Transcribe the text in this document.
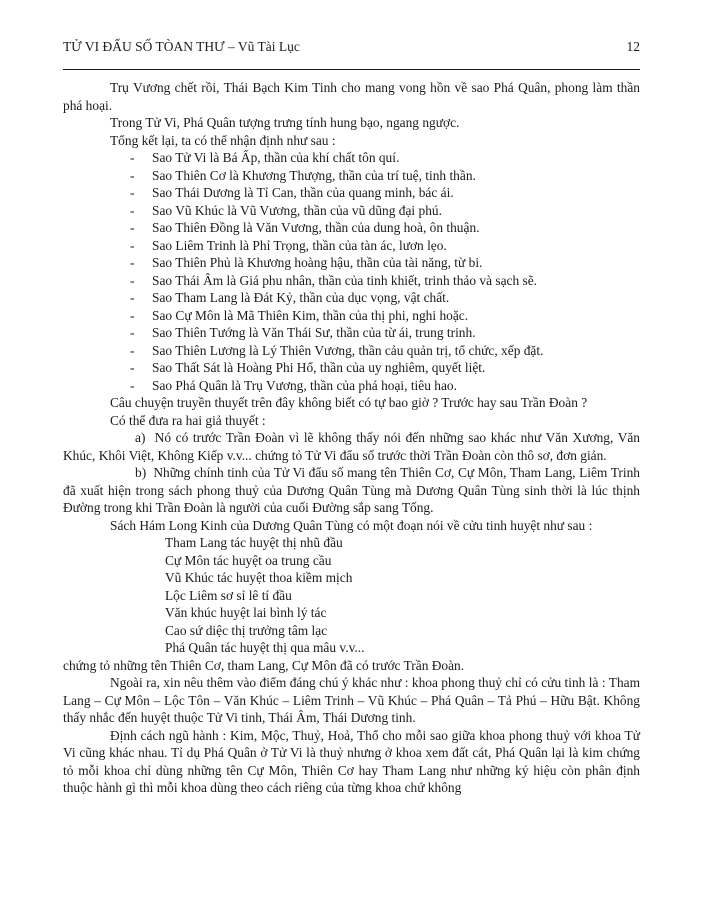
TỬ VI ĐẨU SỐ TÒAN THƯ – Vũ Tài Lục	12

Trụ Vương chết rồi, Thái Bạch Kim Tinh cho mang vong hồn về sao Phá Quân, phong làm thần phá hoại.

Trong Tử Vi, Phá Quân tượng trưng tính hung bạo, ngang ngược.

Tổng kết lại, ta có thể nhận định như sau :

- Sao Tử Vi là Bá Ấp, thần của khí chất tôn quí.
- Sao Thiên Cơ là Khương Thượng, thần của trí tuệ, tinh thần.
- Sao Thái Dương là Tỉ Can, thần của quang minh, bác ái.
- Sao Vũ Khúc là Vũ Vương, thần của vũ dũng đại phú.
- Sao Thiên Đồng là Văn Vương, thần của dung hoà, ôn thuận.
- Sao Liêm Trinh là Phỉ Trọng, thần của tàn ác, lươn lẹo.
- Sao Thiên Phủ là Khương hoàng hậu, thần của tài năng, từ bi.
- Sao Thái Âm là Giá phu nhân, thần của tinh khiết, trinh thảo và sạch sẽ.
- Sao Tham Lang là Đát Kỷ, thần của dục vọng, vật chất.
- Sao Cự Môn là Mã Thiên Kim, thần của thị phi, nghi hoặc.
- Sao Thiên Tướng là Văn Thái Sư, thần của từ ái, trung trinh.
- Sao Thiên Lương là Lý Thiên Vương, thần cảu quản trị, tổ chức, xếp đặt.
- Sao Thất Sát là Hoàng Phi Hổ, thần của uy nghiêm, quyết liệt.
- Sao Phá Quân là Trụ Vương, thần của phá hoại, tiêu hao.

Câu chuyện truyền thuyết trên đây không biết có tự bao giờ ? Trước hay sau Trần Đoàn ?

Có thể đưa ra hai giả thuyết :

a)  Nó có trước Trần Đoàn vì lẽ không thấy nói đến những sao khác như Văn Xương, Văn Khúc, Khôi Việt, Không Kiếp v.v... chứng tỏ Tử Vi đẩu số trước thời Trần Đoàn còn thô sơ, đơn giản.

b)  Những chính tinh của Tử Vi đẩu số mang tên Thiên Cơ, Cự Môn, Tham Lang, Liêm Trinh đã xuất hiện trong sách phong thuỷ của Dương Quân Tùng mà Dương Quân Tùng sinh thời là lúc thịnh Đường trong khi Trần Đoàn là người của cuối Đường sắp sang Tống.

Sách Hám Long Kinh của Dương Quân Tùng có một đoạn nói về cửu tinh huyệt như sau :

Tham Lang tác huyệt thị nhũ đầu
Cự Môn tác huyệt oa trung cầu
Vũ Khúc tác huyệt thoa kiềm mịch
Lộc Liêm sơ sỉ lê tí đầu
Văn khúc huyệt lai bình lý tác
Cao sứ diệc thị trưởng tâm lạc
Phá Quân tác huyệt thị qua mâu v.v...

chứng tỏ những tên Thiên Cơ, tham Lang, Cự Môn đã có trước Trần Đoàn.

Ngoài ra, xin nêu thêm vào điểm đáng chú ý khác như : khoa phong thuỷ chỉ có cửu tinh là : Tham Lang – Cự Môn – Lộc Tôn – Văn Khúc – Liêm Trinh – Vũ Khúc – Phá Quân – Tả Phú – Hữu Bật. Không thấy nhắc đến huyệt thuộc Tử Vi tinh, Thái Âm, Thái Dương tinh.

Định cách ngũ hành : Kim, Mộc, Thuỷ, Hoả, Thổ cho mỗi sao giữa khoa phong thuỷ với khoa Tử Vi cũng khác nhau. Tỉ dụ Phá Quân ở Tử Vi là thuỷ nhưng ở khoa xem đất cát, Phá Quân lại là kim chứng tỏ mỗi khoa chỉ dùng những tên Cự Môn, Thiên Cơ hay Tham Lang như những ký hiệu còn phân định thuộc hành gì thì mỗi khoa dùng theo cách riêng của từng khoa chứ không
